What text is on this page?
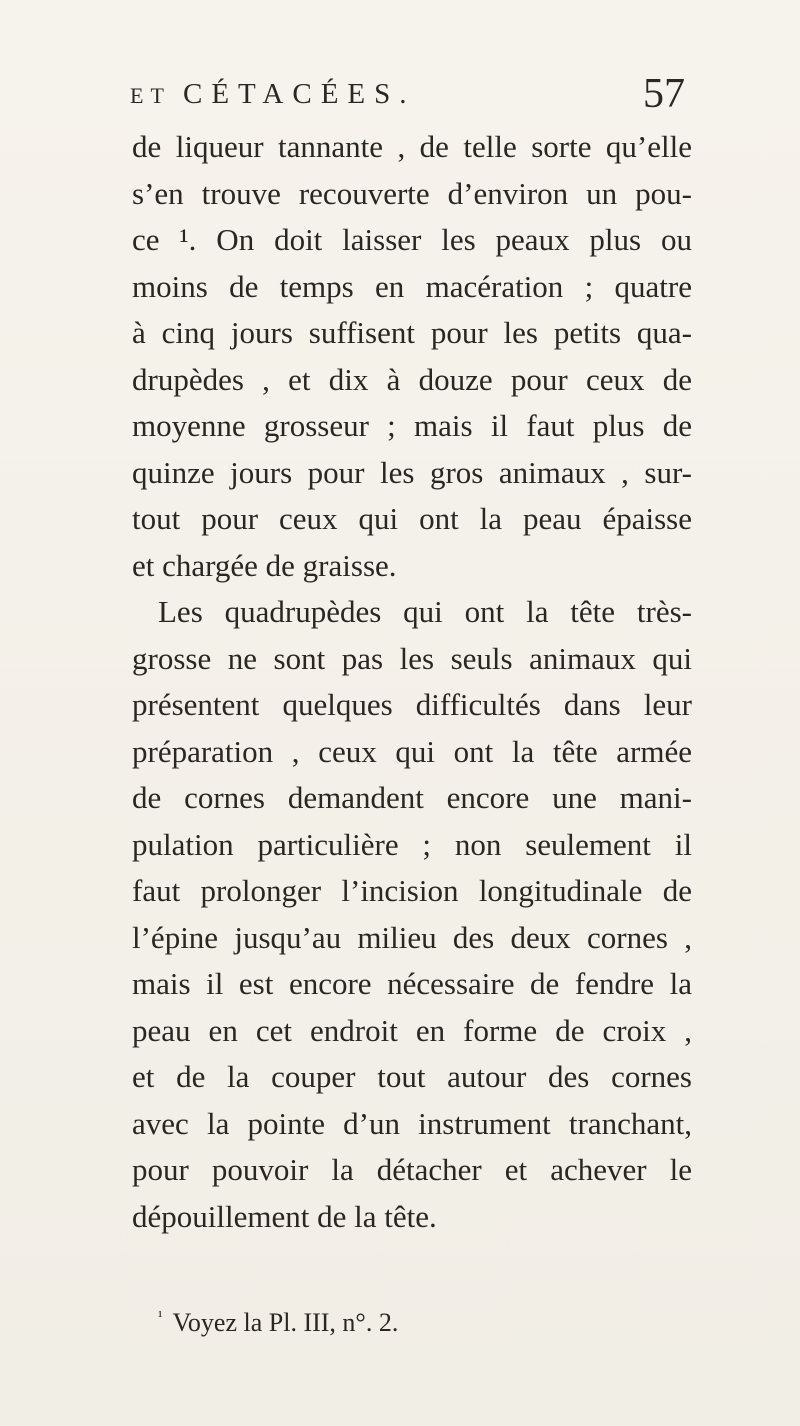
ET CÉTACÉES.	57
de liqueur tannante , de telle sorte qu’elle
s’en trouve recouverte d’environ un pou-
ce ¹. On doit laisser les peaux plus ou
moins de temps en macération ; quatre
à cinq jours suffisent pour les petits qua-
drupèdes , et dix à douze pour ceux de
moyenne grosseur ; mais il faut plus de
quinze jours pour les gros animaux , sur-
tout pour ceux qui ont la peau épaisse
et chargée de graisse.
Les quadrupèdes qui ont la tête très-
grosse ne sont pas les seuls animaux qui
présentent quelques difficultés dans leur
préparation , ceux qui ont la tête armée
de cornes demandent encore une mani-
pulation particulière ; non seulement il
faut prolonger l’incision longitudinale de
l’épine jusqu’au milieu des deux cornes ,
mais il est encore nécessaire de fendre la
peau en cet endroit en forme de croix ,
et de la couper tout autour des cornes
avec la pointe d’un instrument tranchant,
pour pouvoir la détacher et achever le
dépouillement de la tête.
$^{^1}$ Voyez la Pl. III, n°. 2.
